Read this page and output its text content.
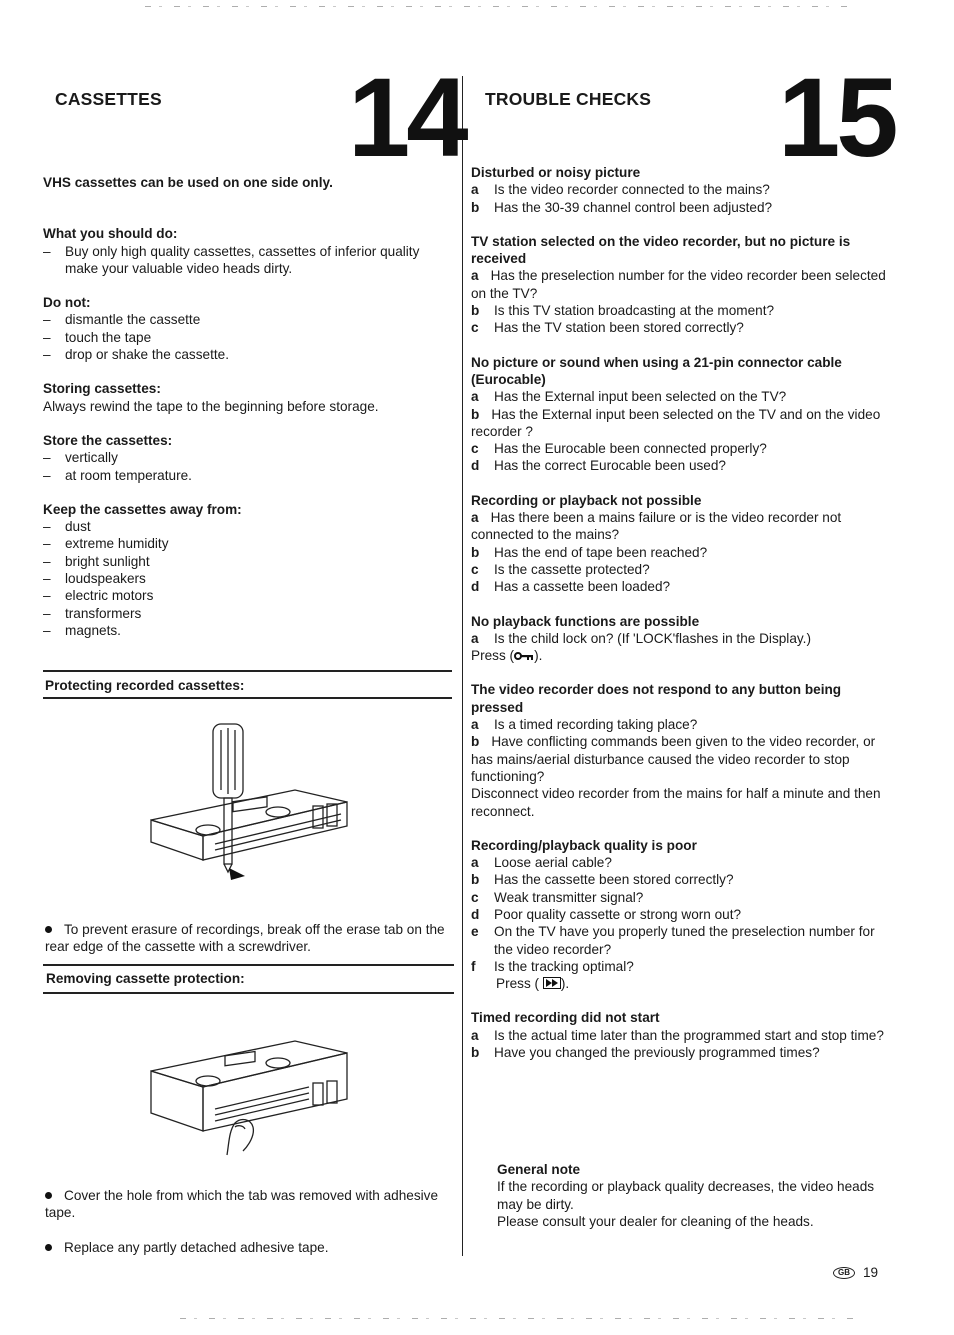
CASSETTES 14

VHS cassettes can be used on one side only.

What you should do:

–	Buy only high quality cassettes, cassettes of inferior quality make your valuable video heads dirty.

Do not:

–	dismantle the cassette
–	touch the tape
–	drop or shake the cassette.

Storing cassettes:

Always rewind the tape to the beginning before storage.

Store the cassettes:

–	vertically
–	at room temperature.

Keep the cassettes away from:

–	dust
–	extreme humidity
–	bright sunlight
–	loudspeakers
–	electric motors
–	transformers
–	magnets.
Protecting recorded cassettes:
To prevent erasure of recordings, break off the erase tab on the rear edge of the cassette with a screwdriver.
Removing cassette protection:
Cover the hole from which the tab was removed with adhesive tape.
Replace any partly detached adhesive tape.
TROUBLE CHECKS 15

Disturbed or noisy picture

a	Is the video recorder connected to the mains?
b	Has the 30-39 channel control been adjusted?

TV station selected on the video recorder, but no picture is received

a Has the preselection number for the video recorder been selected on the TV?

b	Is this TV station broadcasting at the moment?
c	Has the TV station been stored correctly?

No picture or sound when using a 21-pin connector cable (Eurocable)

a	Has the External input been selected on the TV?

b Has the External input been selected on the TV and on the video recorder ?

c	Has the Eurocable been connected properly?
d	Has the correct Eurocable been used?

Recording or playback not possible

a Has there been a mains failure or is the video recorder not connected to the mains?

b	Has the end of tape been reached?
c	Is the cassette protected?
d	Has a cassette been loaded?

No playback functions are possible

a	Is the child lock on? (If 'LOCK'flashes in the Display.)

Press ( ).

The video recorder does not respond to any button being pressed

a	Is a timed recording taking place?

b Have conflicting commands been given to the video recorder, or has mains/aerial disturbance caused the video recorder to stop functioning?

Disconnect video recorder from the mains for half a minute and then reconnect.

Recording/playback quality is poor

a	Loose aerial cable?
b	Has the cassette been stored correctly?
c	Weak transmitter signal?
d	Poor quality cassette or strong worn out?
e	On the TV have you properly tuned the preselection number for the video recorder?
f	Is the tracking optimal?

Press ( ).

Timed recording did not start

a	Is the actual time later than the programmed start and stop time?
b	Have you changed the previously programmed times?

General note

If the recording or playback quality decreases, the video heads may be dirty.

Please consult your dealer for cleaning of the heads.

GB 19
